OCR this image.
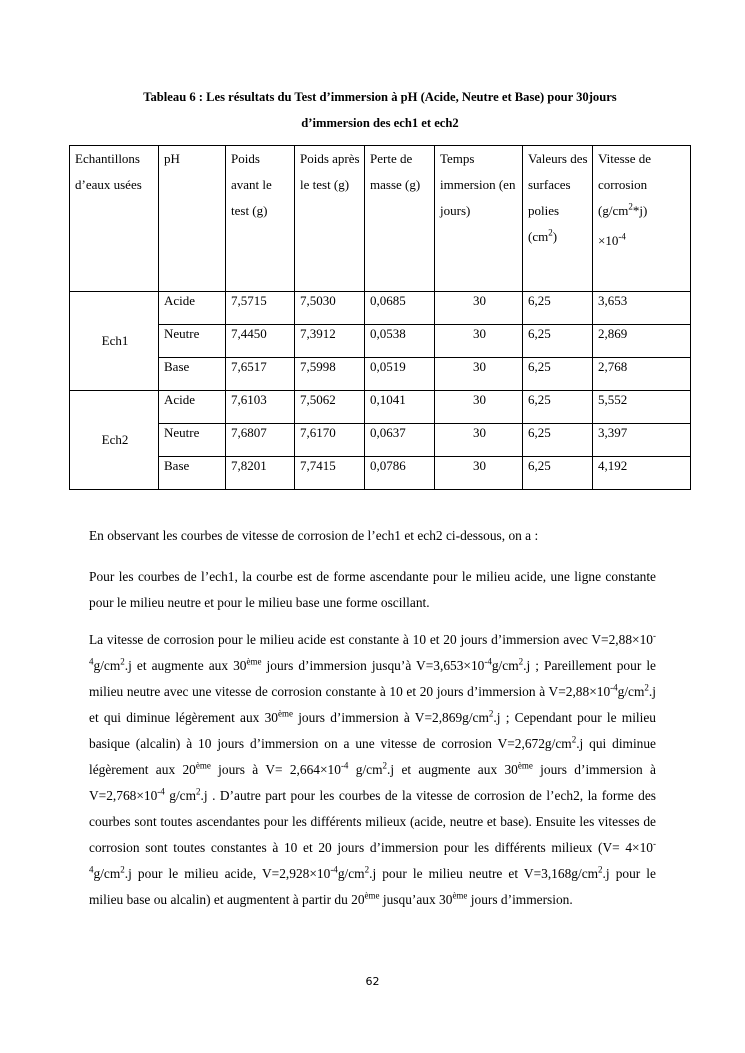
Tableau 6 : Les résultats du Test d’immersion à pH (Acide, Neutre et Base) pour 30jours
d’immersion des ech1 et ech2
Echantillons d’eaux usées	pH	Poids avant le test (g)	Poids après le test (g)	Perte de masse (g)	Temps immersion (en jours)	Valeurs des surfaces polies $(cm^2)$	Vitesse de corrosion $(g/cm^2*j)$
$\times 10^{-4}$

Ech1	Acide	7,5715	7,5030	0,0685	30	6,25	3,653
	Neutre	7,4450	7,3912	0,0538	30	6,25	2,869
	Base	7,6517	7,5998	0,0519	30	6,25	2,768
Ech2	Acide	7,6103	7,5062	0,1041	30	6,25	5,552
	Neutre	7,6807	7,6170	0,0637	30	6,25	3,397
	Base	7,8201	7,7415	0,0786	30	6,25	4,192

En observant les courbes de vitesse de corrosion de l’ech1 et ech2 ci-dessous, on a :

Pour les courbes de l’ech1, la courbe est de forme ascendante pour le milieu acide, une ligne constante pour le milieu neutre et pour le milieu base une forme oscillant.

La vitesse de corrosion pour le milieu acide est constante à 10 et 20 jours d’immersion avec $V=2,88\times 10^{-4}g/cm^2.j$ et augmente aux 30ème jours d’immersion jusqu’à $V=3,653\times 10^{-4}g/cm^2.j$ ; Pareillement pour le milieu neutre avec une vitesse de corrosion constante à 10 et 20 jours d’immersion à $V=2,88\times 10^{-4}g/cm^2.j$ et qui diminue légèrement aux 30ème jours d’immersion à $V=2,869g/cm^2.j$ ; Cependant pour le milieu basique (alcalin) à 10 jours d’immersion on a une vitesse de corrosion $V=2,672g/cm^2.j$ qui diminue légèrement aux 20ème jours à $V= 2,664\times 10^{-4}$ $g/cm^2.j$ et augmente aux 30ème jours d’immersion à $V=2,768\times 10^{-4}$ $g/cm^2.j$ . D’autre part pour les courbes de la vitesse de corrosion de l’ech2, la forme des courbes sont toutes ascendantes pour les différents milieux (acide, neutre et base). Ensuite les vitesses de corrosion sont toutes constantes à 10 et 20 jours d’immersion pour les différents milieux ($V= 4\times 10^{-4}g/cm^2.j$ pour le milieu acide, $V=2,928\times 10^{-4}g/cm^2.j$ pour le milieu neutre et $V=3,168g/cm^2.j$ pour le milieu base ou alcalin) et augmentent à partir du 20ème jusqu’aux 30ème jours d’immersion.

62
